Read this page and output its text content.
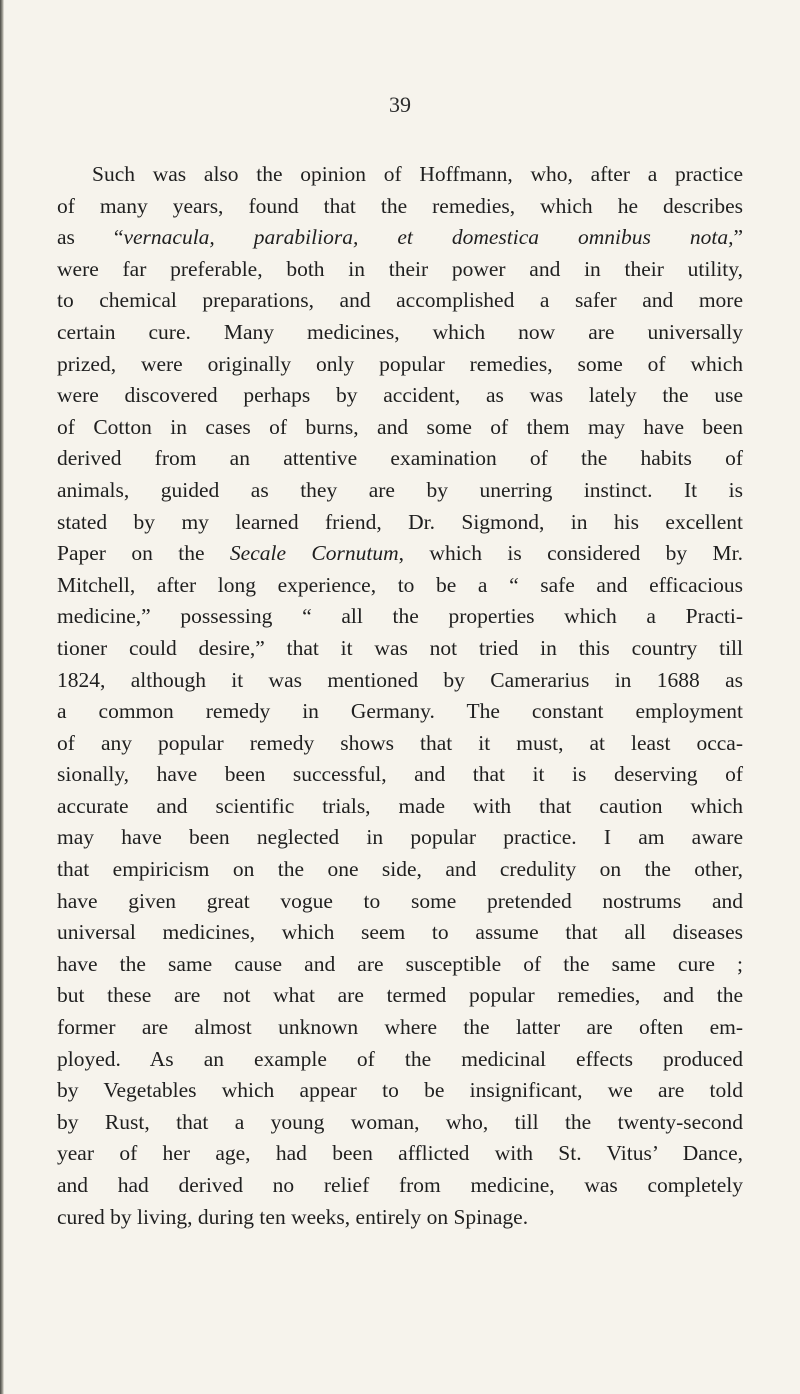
39
Such was also the opinion of Hoffmann, who, after a practice
of many years, found that the remedies, which he describes
as “vernacula, parabiliora, et domestica omnibus nota,”
were far preferable, both in their power and in their utility,
to chemical preparations, and accomplished a safer and more
certain cure. Many medicines, which now are universally
prized, were originally only popular remedies, some of which
were discovered perhaps by accident, as was lately the use
of Cotton in cases of burns, and some of them may have been
derived from an attentive examination of the habits of
animals, guided as they are by unerring instinct. It is
stated by my learned friend, Dr. Sigmond, in his excellent
Paper on the Secale Cornutum, which is considered by Mr.
Mitchell, after long experience, to be a “ safe and efficacious
medicine,” possessing “ all the properties which a Practi-
tioner could desire,” that it was not tried in this country till
1824, although it was mentioned by Camerarius in 1688 as
a common remedy in Germany. The constant employment
of any popular remedy shows that it must, at least occa-
sionally, have been successful, and that it is deserving of
accurate and scientific trials, made with that caution which
may have been neglected in popular practice. I am aware
that empiricism on the one side, and credulity on the other,
have given great vogue to some pretended nostrums and
universal medicines, which seem to assume that all diseases
have the same cause and are susceptible of the same cure ;
but these are not what are termed popular remedies, and the
former are almost unknown where the latter are often em-
ployed. As an example of the medicinal effects produced
by Vegetables which appear to be insignificant, we are told
by Rust, that a young woman, who, till the twenty-second
year of her age, had been afflicted with St. Vitus’ Dance,
and had derived no relief from medicine, was completely
cured by living, during ten weeks, entirely on Spinage.
